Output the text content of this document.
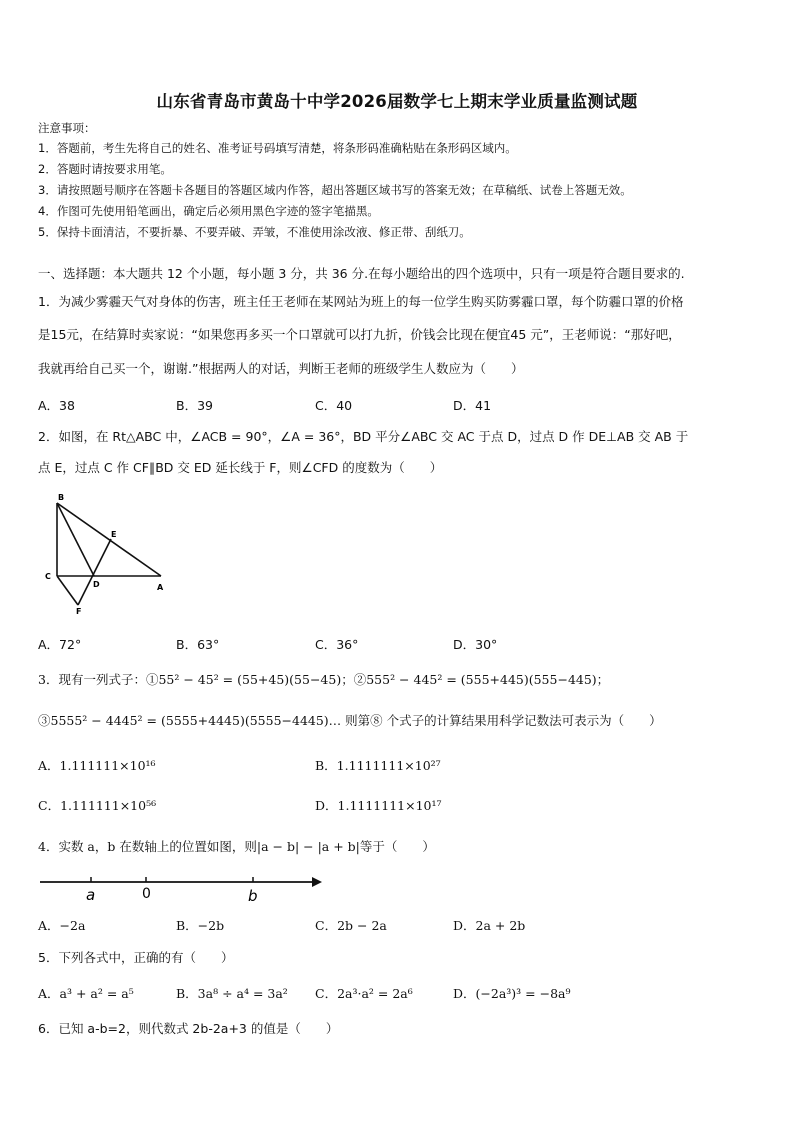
山东省青岛市黄岛十中学2026届数学七上期末学业质量监测试题
注意事项：
1．答题前，考生先将自己的姓名、准考证号码填写清楚，将条形码准确粘贴在条形码区域内。
2．答题时请按要求用笔。
3．请按照题号顺序在答题卡各题目的答题区域内作答，超出答题区域书写的答案无效；在草稿纸、试卷上答题无效。
4．作图可先使用铅笔画出，确定后必须用黑色字迹的签字笔描黑。
5．保持卡面清洁，不要折暴、不要弄破、弄皱，不准使用涂改液、修正带、刮纸刀。
一、选择题：本大题共 12 个小题，每小题 3 分，共 36 分.在每小题给出的四个选项中，只有一项是符合题目要求的.
1．为减少雾霾天气对身体的伤害，班主任王老师在某网站为班上的每一位学生购买防雾霾口罩，每个防霾口罩的价格
是15元，在结算时卖家说：“如果您再多买一个口罩就可以打九折，价钱会比现在便宜45 元”，王老师说：“那好吧，
我就再给自己买一个，谢谢.”根据两人的对话，判断王老师的班级学生人数应为（　　）
A．38	B．39	C．40	D．41
2．如图，在 Rt△ABC 中，∠ACB = 90°，∠A = 36°，BD 平分∠ABC 交 AC 于点 D，过点 D 作 DE⊥AB 交 AB 于
点 E，过点 C 作 CF∥BD 交 ED 延长线于 F，则∠CFD 的度数为（　　）
B
E
C
D	A
F
A．72°	B．63°	C．36°	D．30°
3．现有一列式子：①55² − 45² = (55+45)(55−45)；②555² − 445² = (555+445)(555−445)；
③5555² − 4445² = (5555+4445)(5555−4445)… 则第⑧ 个式子的计算结果用科学记数法可表示为（　　）
A．1.111111×10¹⁶	B．1.1111111×10²⁷
C．1.111111×10⁵⁶	D．1.1111111×10¹⁷
4．实数 a，b 在数轴上的位置如图，则|a − b| − |a + b|等于（　　）
a	0	b
A．−2a	B．−2b	C．2b − 2a	D．2a + 2b
5．下列各式中，正确的有（　　）
A．a³ + a² = a⁵	B．3a⁸ ÷ a⁴ = 3a² C．2a³·a² = 2a⁶	D．(−2a³)³ = −8a⁹
6．已知 a-b=2，则代数式 2b-2a+3 的值是（　　）
